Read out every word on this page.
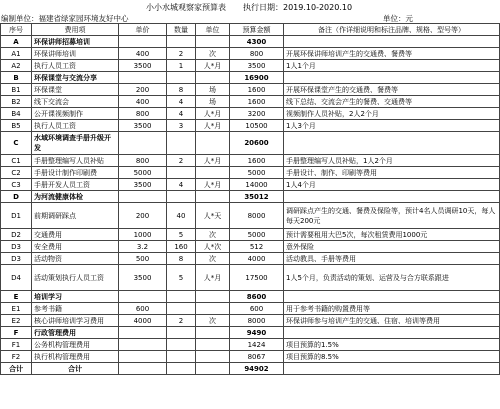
小小水城观察家预算表 执行日期：2019.10-2020.10
编制单位：福建省绿家园环境友好中心	单位：元
序号	费用项	单价	数量	单位	预算金额	备注（作详细说明和标注品牌、规格、型号等）
A	环保讲师招募培训				4300	
A1	环保讲师培训	400	2	次	800	开展环保讲师培训产生的交通费、餐费等
A2	执行人员工资	3500	1	人*月	3500	1人1个月
B	环保课堂与交流分享				16900	
B1	环保课堂	200	8	场	1600	开展环保课堂产生的交通费、餐费等
B2	线下交流会	400	4	场	1600	线下总结、交流会产生的餐费、交通费等
B4	公开课视频制作	800	4	人*月	3200	视频制作人员补贴，2人2个月
B5	执行人员工资	3500	3	人*月	10500	1人3个月
C	水域环境调查手册升级开发				20600	
C1	手册整理编写人员补贴	800	2	人*月	1600	手册整理编写人员补贴，1人2个月
C2	手册设计制作印刷费	5000			5000	手册设计、制作、印刷等费用
C3	手册开发人员工资	3500	4	人*月	14000	1人4个月
D	为河流健康体检				35012	
D1	前期调研踩点	200	40	人*天	8000	调研踩点产生的交通、餐费及保险等，预计4名人员调研10天，每人每天200元
D2	交通费用	1000	5	次	5000	预计需要租用大巴5次，每次租赁费用1000元
D3	安全费用	3.2	160	人*次	512	意外保险
D3	活动物资	500	8	次	4000	活动教具、手册等费用
D4	活动策划执行人员工资	3500	5	人*月	17500	1人5个月，负责活动的策划、运营及与合方联系跟进
E	培训学习				8600	
E1	参考书籍	600			600	用于参考书籍的购置费用等
E2	核心讲师培训学习费用	4000	2	次	8000	环保讲师参与培训产生的交通、住宿、培训等费用
F	行政管理费用				9490	
F1	公务机构管理费用				1424	项目预算的1.5%
F2	执行机构管理费用				8067	项目预算的8.5%
合计	合计				94902	
